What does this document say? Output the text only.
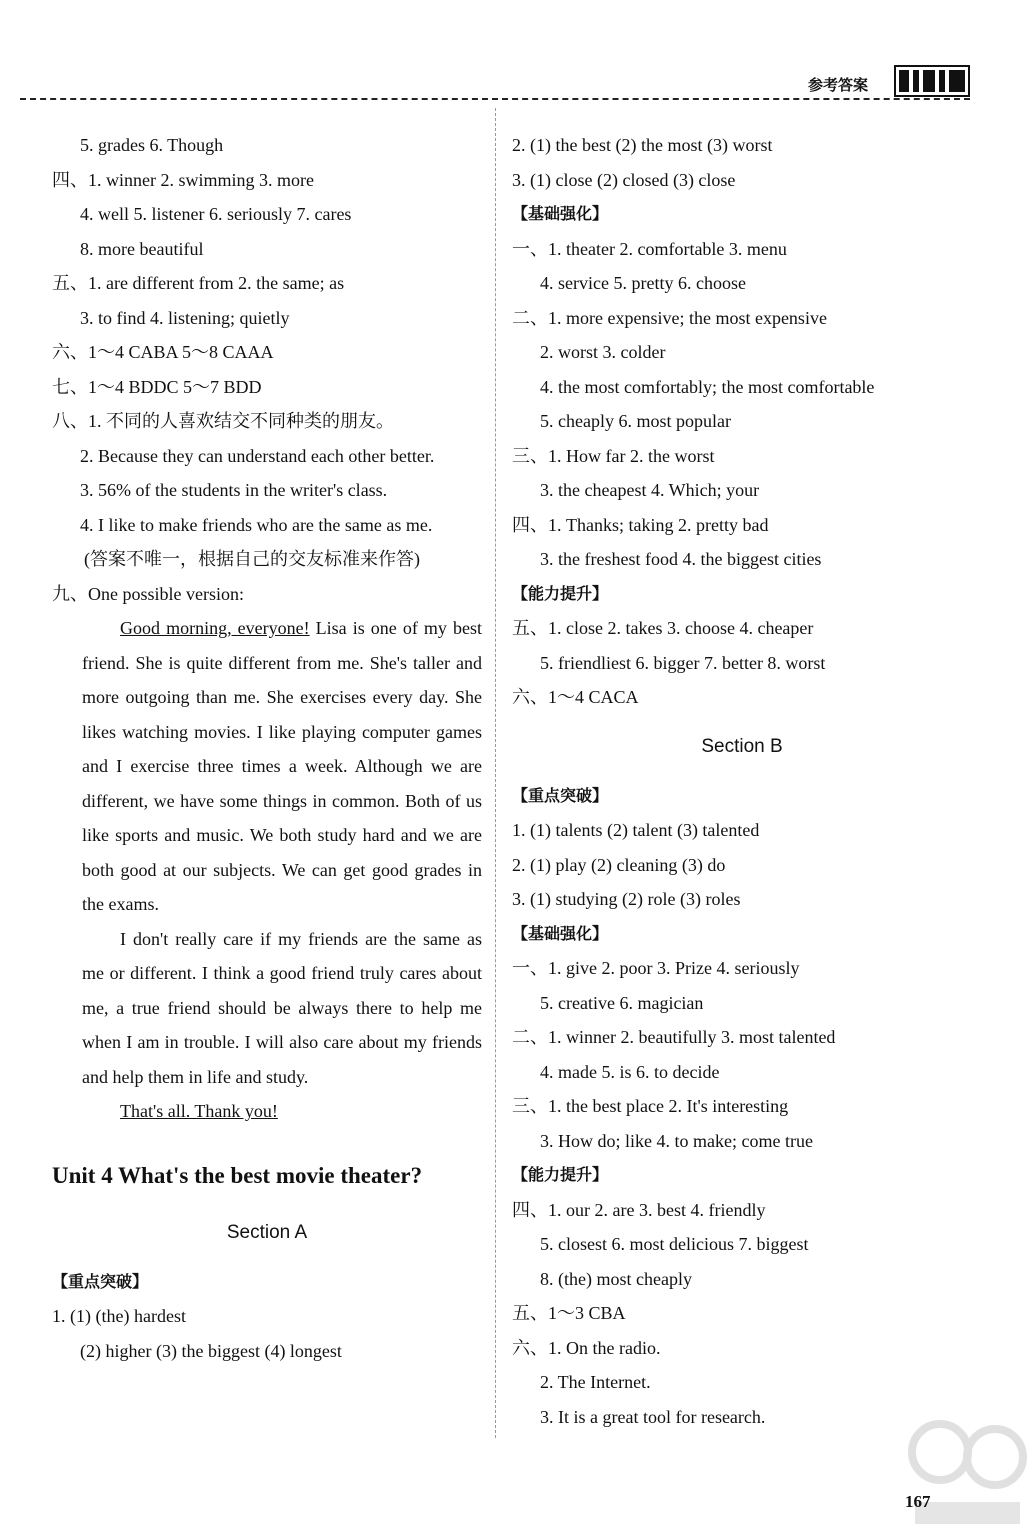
参考答案
5. grades 6. Though
四、1. winner 2. swimming 3. more
4. well 5. listener 6. seriously 7. cares
8. more beautiful
五、1. are different from 2. the same; as
3. to find 4. listening; quietly
六、1～4 CABA 5～8 CAAA
七、1～4 BDDC 5～7 BDD
八、1. 不同的人喜欢结交不同种类的朋友。
2. Because they can understand each other better.
3. 56% of the students in the writer's class.
4. I like to make friends who are the same as me.
(答案不唯一，根据自己的交友标准来作答)
九、One possible version:

Good morning, everyone! Lisa is one of my best friend. She is quite different from me. She's taller and more outgoing than me. She exercises every day. She likes watching movies. I like playing computer games and I exercise three times a week. Although we are different, we have some things in common. Both of us like sports and music. We both study hard and we are both good at our subjects. We can get good grades in the exams.

I don't really care if my friends are the same as me or different. I think a good friend truly cares about me, a true friend should be always there to help me when I am in trouble. I will also care about my friends and help them in life and study.

That's all. Thank you!

Unit 4 What's the best movie theater?
Section A
【重点突破】
1. (1) (the) hardest
(2) higher (3) the biggest (4) longest
2. (1) the best (2) the most (3) worst
3. (1) close (2) closed (3) close
【基础强化】
一、1. theater 2. comfortable 3. menu
4. service 5. pretty 6. choose
二、1. more expensive; the most expensive
2. worst 3. colder
4. the most comfortably; the most comfortable
5. cheaply 6. most popular
三、1. How far 2. the worst
3. the cheapest 4. Which; your
四、1. Thanks; taking 2. pretty bad
3. the freshest food 4. the biggest cities
【能力提升】
五、1. close 2. takes 3. choose 4. cheaper
5. friendliest 6. bigger 7. better 8. worst
六、1～4 CACA
Section B
【重点突破】
1. (1) talents (2) talent (3) talented
2. (1) play (2) cleaning (3) do
3. (1) studying (2) role (3) roles
【基础强化】
一、1. give 2. poor 3. Prize 4. seriously
5. creative 6. magician
二、1. winner 2. beautifully 3. most talented
4. made 5. is 6. to decide
三、1. the best place 2. It's interesting
3. How do; like 4. to make; come true
【能力提升】
四、1. our 2. are 3. best 4. friendly
5. closest 6. most delicious 7. biggest
8. (the) most cheaply
五、1～3 CBA
六、1. On the radio.
2. The Internet.
3. It is a great tool for research.
167
